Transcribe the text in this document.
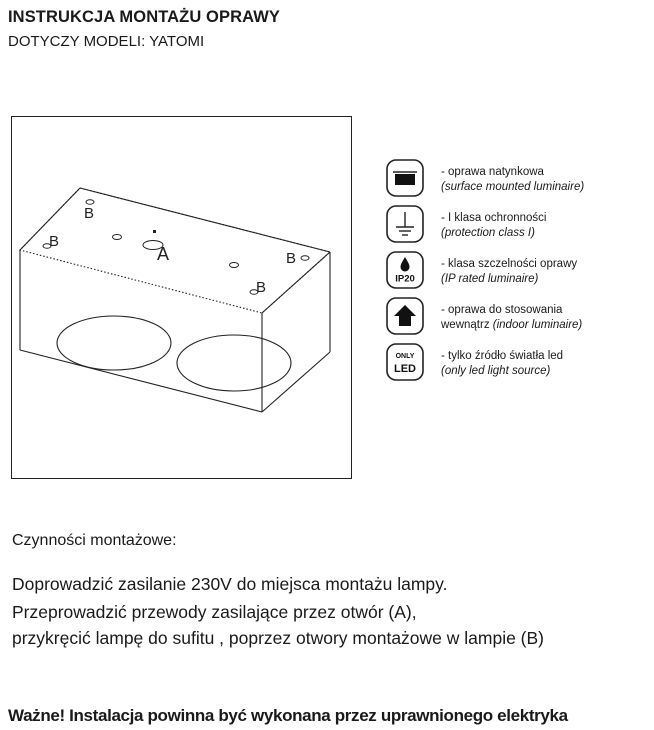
INSTRUKCJA MONTAŻU OPRAWY
DOTYCZY MODELI: YATOMI
A
B
B
B
B
- oprawa natynkowa
(surface mounted luminaire)
- I klasa ochronności
(protection class I)
IP20
- klasa szczelności oprawy
(IP rated luminaire)
- oprawa do stosowania
wewnątrz (indoor luminaire)
ONLY
LED
- tylko źródło światła led
(only led light source)
Czynności montażowe:
Doprowadzić zasilanie 230V do miejsca montażu lampy.
Przeprowadzić przewody zasilające przez otwór (A),
przykręcić lampę do sufitu , poprzez otwory montażowe w lampie (B)
Ważne! Instalacja powinna być wykonana przez uprawnionego elektryka
